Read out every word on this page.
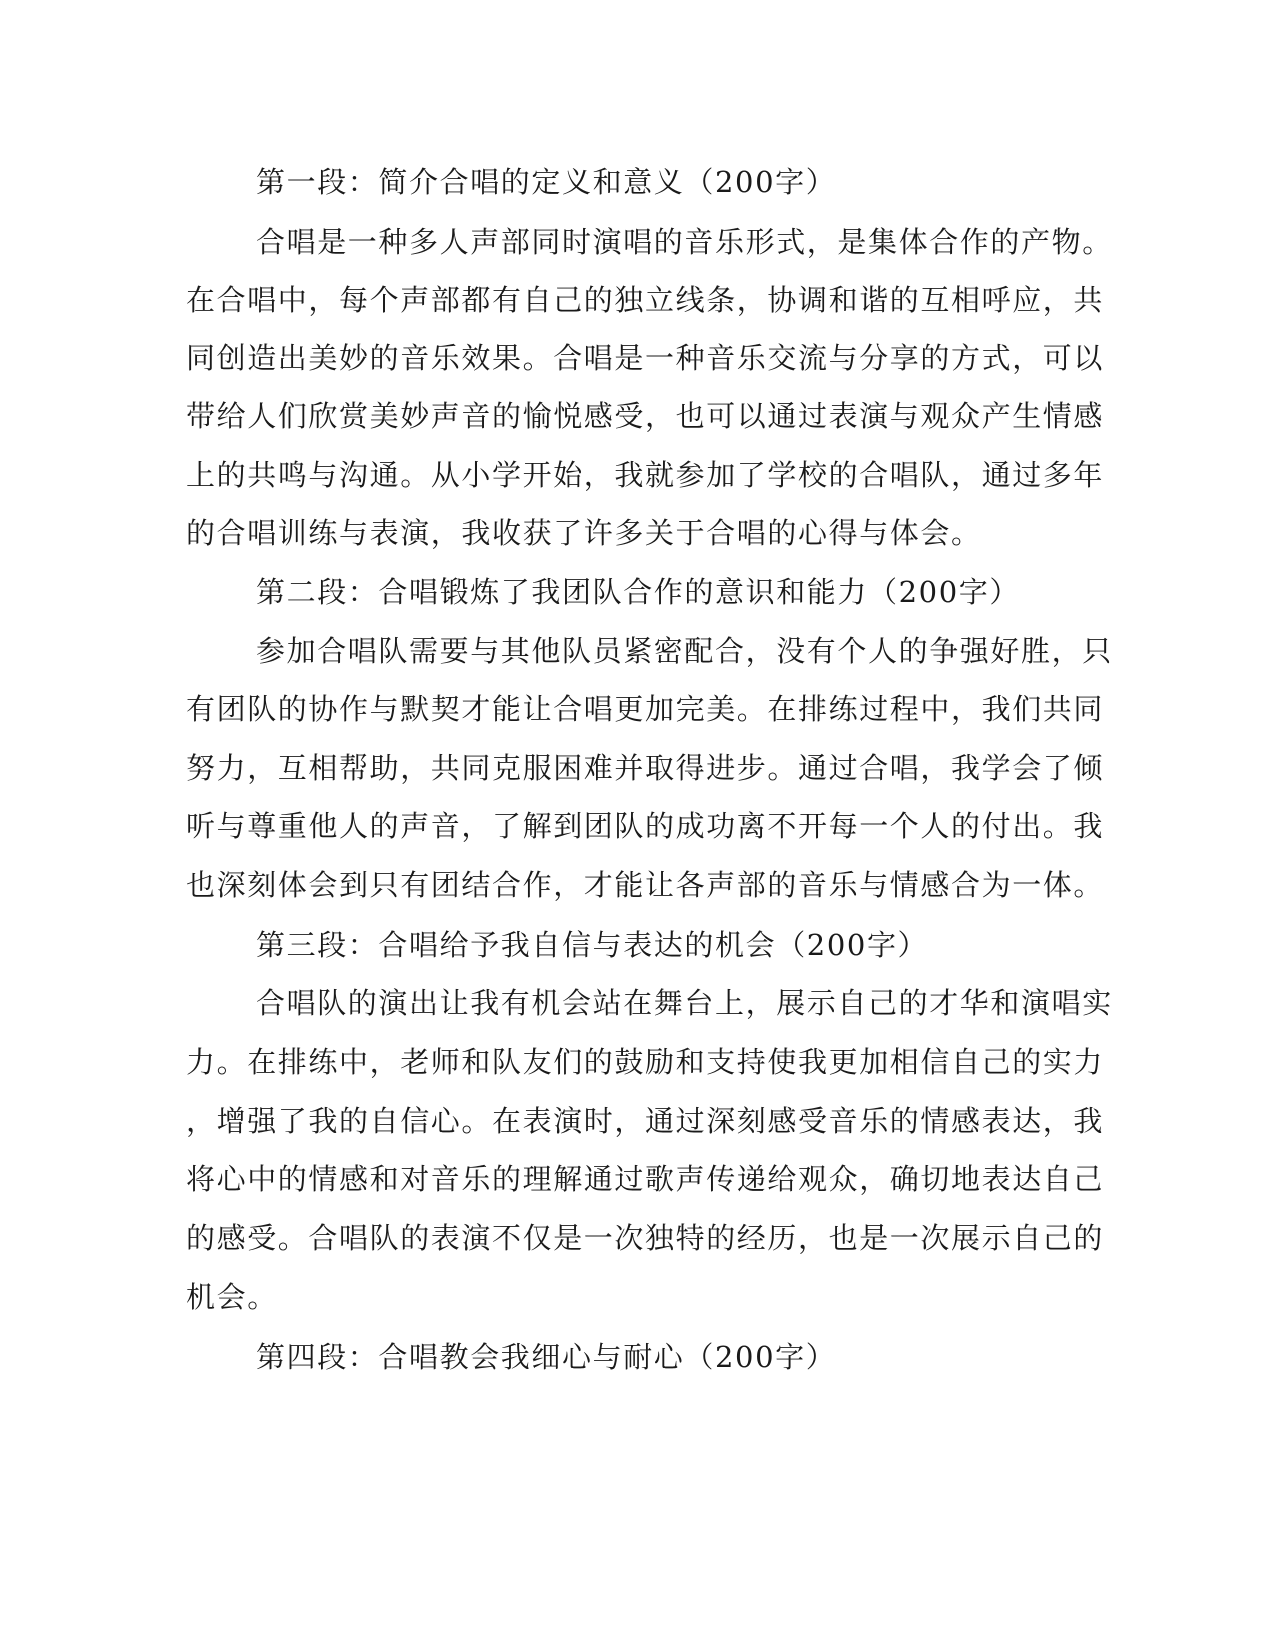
第一段：简介合唱的定义和意义（200字）
合唱是一种多人声部同时演唱的音乐形式，是集体合作的产物。
在合唱中，每个声部都有自己的独立线条，协调和谐的互相呼应，共
同创造出美妙的音乐效果。合唱是一种音乐交流与分享的方式，可以
带给人们欣赏美妙声音的愉悦感受，也可以通过表演与观众产生情感
上的共鸣与沟通。从小学开始，我就参加了学校的合唱队，通过多年
的合唱训练与表演，我收获了许多关于合唱的心得与体会。
第二段：合唱锻炼了我团队合作的意识和能力（200字）
参加合唱队需要与其他队员紧密配合，没有个人的争强好胜，只
有团队的协作与默契才能让合唱更加完美。在排练过程中，我们共同
努力，互相帮助，共同克服困难并取得进步。通过合唱，我学会了倾
听与尊重他人的声音，了解到团队的成功离不开每一个人的付出。我
也深刻体会到只有团结合作，才能让各声部的音乐与情感合为一体。
第三段：合唱给予我自信与表达的机会（200字）
合唱队的演出让我有机会站在舞台上，展示自己的才华和演唱实
力。在排练中，老师和队友们的鼓励和支持使我更加相信自己的实力
，增强了我的自信心。在表演时，通过深刻感受音乐的情感表达，我
将心中的情感和对音乐的理解通过歌声传递给观众，确切地表达自己
的感受。合唱队的表演不仅是一次独特的经历，也是一次展示自己的
机会。
第四段：合唱教会我细心与耐心（200字）
